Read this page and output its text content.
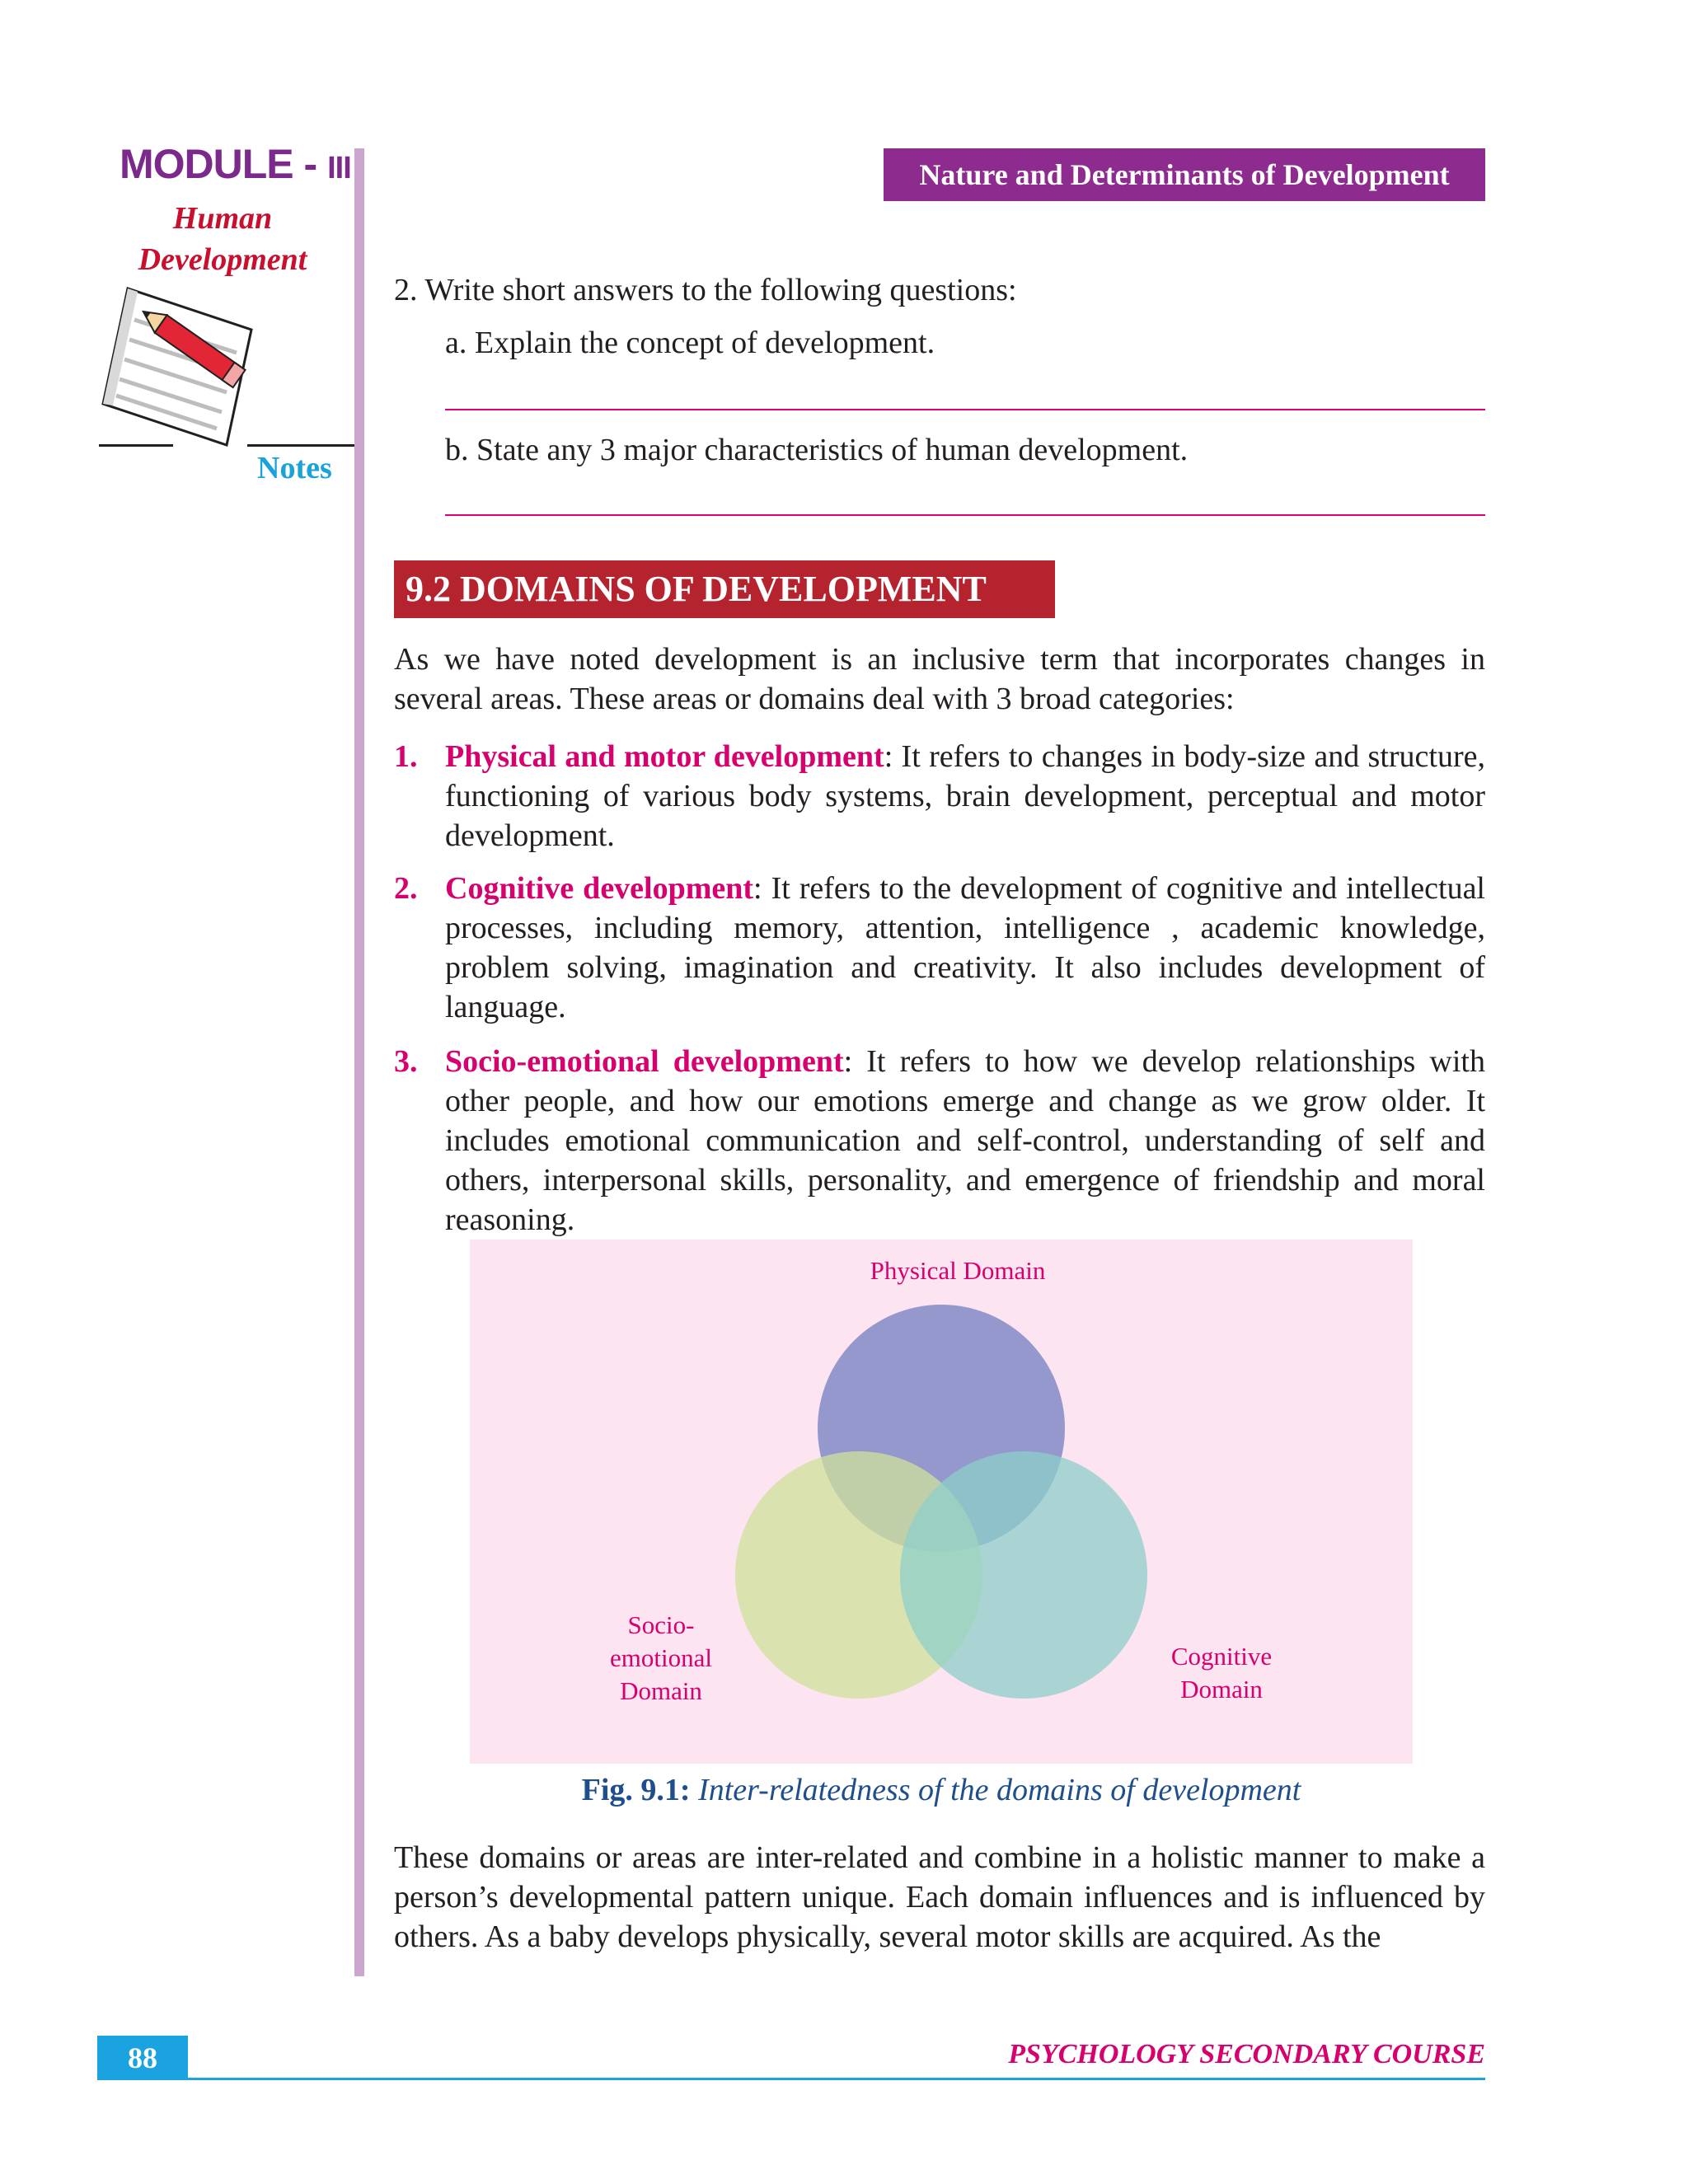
MODULE - III
Human
Development
Notes
Nature and Determinants of Development
2. Write short answers to the following questions:
a. Explain the concept of development.
b. State any 3 major characteristics of human development.
9.2 DOMAINS OF DEVELOPMENT
As we have noted development is an inclusive term that incorporates changes in several areas. These areas or domains deal with 3 broad categories:
1. Physical and motor development: It refers to changes in body-size and structure, functioning of various body systems, brain development, perceptual and motor development.
2. Cognitive development: It refers to the development of cognitive and intellectual processes, including memory, attention, intelligence , academic knowledge, problem solving, imagination and creativity. It also includes development of language.
3. Socio-emotional development: It refers to how we develop relationships with other people, and how our emotions emerge and change as we grow older. It includes emotional communication and self-control, understanding of self and others, interpersonal skills, personality, and emergence of friendship and moral reasoning.
Physical Domain
Socio-
emotional
Domain
Cognitive
Domain
Fig. 9.1: Inter-relatedness of the domains of development
These domains or areas are inter-related and combine in a holistic manner to make a person’s developmental pattern unique. Each domain influences and is influenced by others. As a baby develops physically, several motor skills are acquired. As the
88	PSYCHOLOGY SECONDARY COURSE
